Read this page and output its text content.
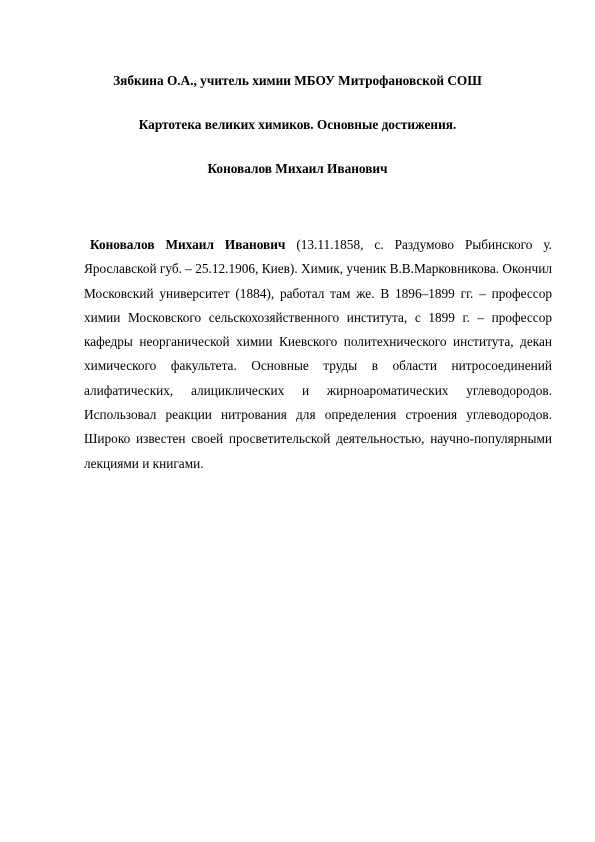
Зябкина О.А., учитель химии МБОУ Митрофановской СОШ
Картотека великих химиков. Основные достижения.
Коновалов Михаил Иванович
Коновалов Михаил Иванович (13.11.1858, с. Раздумово Рыбинского у. Ярославской губ. – 25.12.1906, Киев). Химик, ученик В.В.Марковникова. Окончил Московский университет (1884), работал там же. В 1896–1899 гг. – профессор химии Московского сельскохозяйственного института, с 1899 г. – профессор кафедры неорганической химии Киевского политехнического института, декан химического факультета. Основные труды в области нитросоединений алифатических, алициклических и жирноароматических углеводородов. Использовал реакции нитрования для определения строения углеводородов. Широко известен своей просветительской деятельностью, научно-популярными лекциями и книгами.
